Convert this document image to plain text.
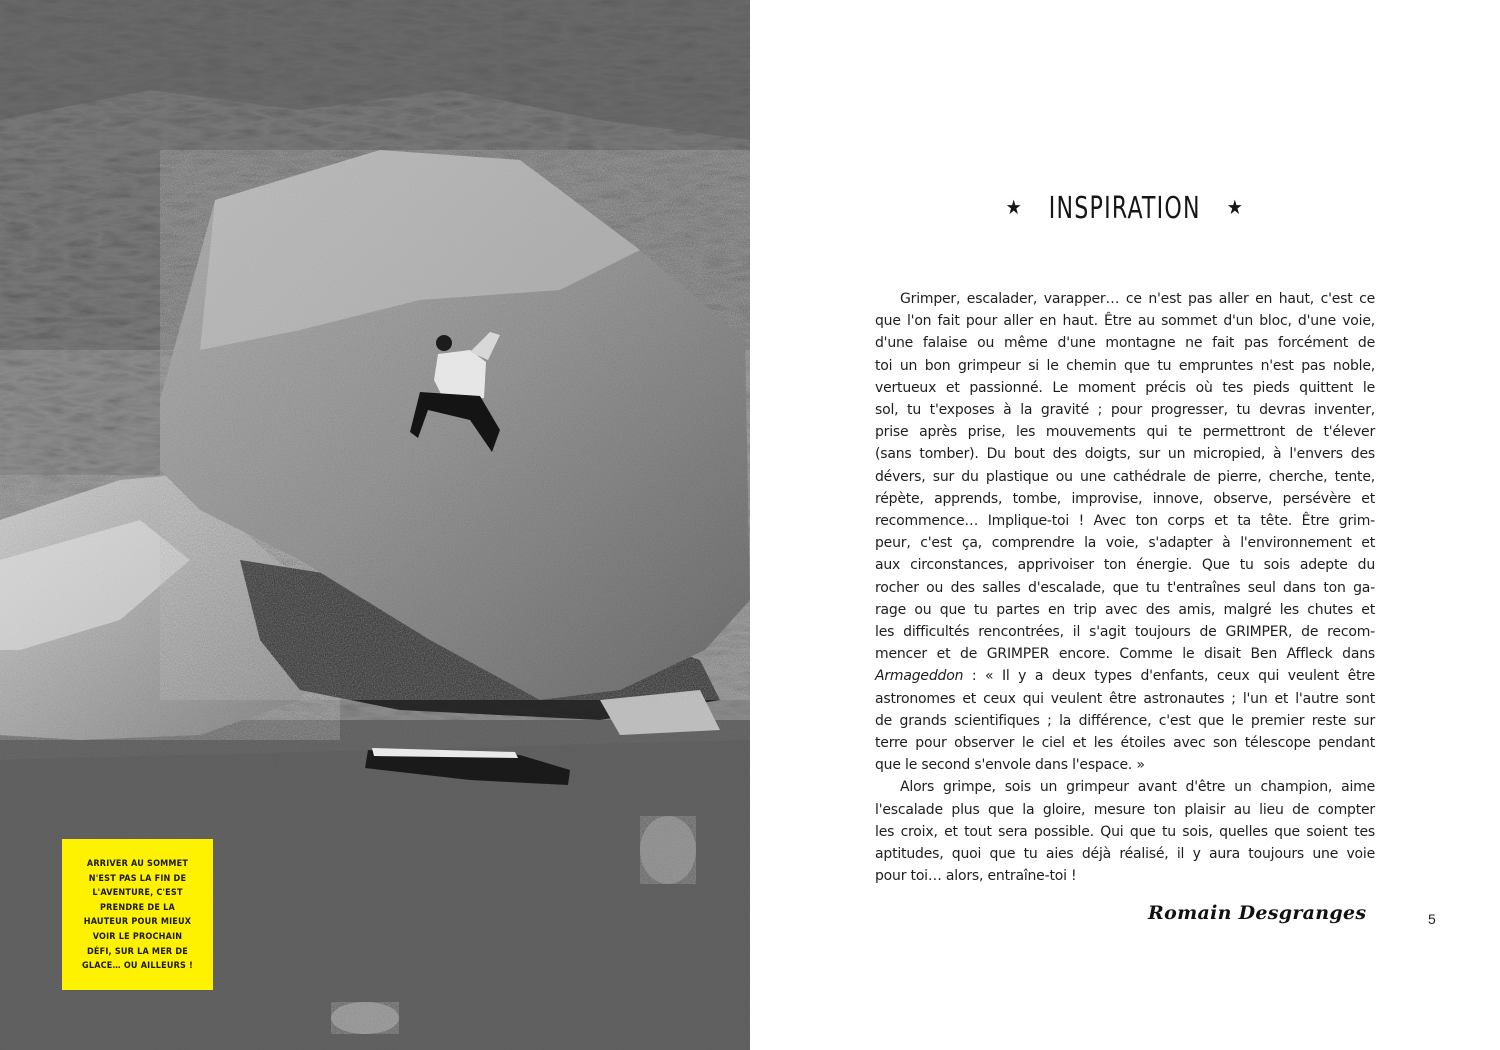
ARRIVER AU SOMMET
N'EST PAS LA FIN DE
L'AVENTURE, C'EST
PRENDRE DE LA
HAUTEUR POUR MIEUX
VOIR LE PROCHAIN
DÉFI, SUR LA MER DE
GLACE… OU AILLEURS !
★ INSPIRATION ★
Grimper, escalader, varapper… ce n'est pas aller en haut, c'est ce
que l'on fait pour aller en haut. Être au sommet d'un bloc, d'une voie,
d'une falaise ou même d'une montagne ne fait pas forcément de
toi un bon grimpeur si le chemin que tu empruntes n'est pas noble,
vertueux et passionné. Le moment précis où tes pieds quittent le
sol, tu t'exposes à la gravité ; pour progresser, tu devras inventer,
prise après prise, les mouvements qui te permettront de t'élever
(sans tomber). Du bout des doigts, sur un micropied, à l'envers des
dévers, sur du plastique ou une cathédrale de pierre, cherche, tente,
répète, apprends, tombe, improvise, innove, observe, persévère et
recommence… Implique-toi ! Avec ton corps et ta tête. Être grim-
peur, c'est ça, comprendre la voie, s'adapter à l'environnement et
aux circonstances, apprivoiser ton énergie. Que tu sois adepte du
rocher ou des salles d'escalade, que tu t'entraînes seul dans ton ga-
rage ou que tu partes en trip avec des amis, malgré les chutes et
les difficultés rencontrées, il s'agit toujours de GRIMPER, de recom-
mencer et de GRIMPER encore. Comme le disait Ben Affleck dans
Armageddon : « Il y a deux types d'enfants, ceux qui veulent être
astronomes et ceux qui veulent être astronautes ; l'un et l'autre sont
de grands scientifiques ; la différence, c'est que le premier reste sur
terre pour observer le ciel et les étoiles avec son télescope pendant
que le second s'envole dans l'espace. »
Alors grimpe, sois un grimpeur avant d'être un champion, aime
l'escalade plus que la gloire, mesure ton plaisir au lieu de compter
les croix, et tout sera possible. Qui que tu sois, quelles que soient tes
aptitudes, quoi que tu aies déjà réalisé, il y aura toujours une voie
pour toi… alors, entraîne-toi !
Romain Desgranges	5
